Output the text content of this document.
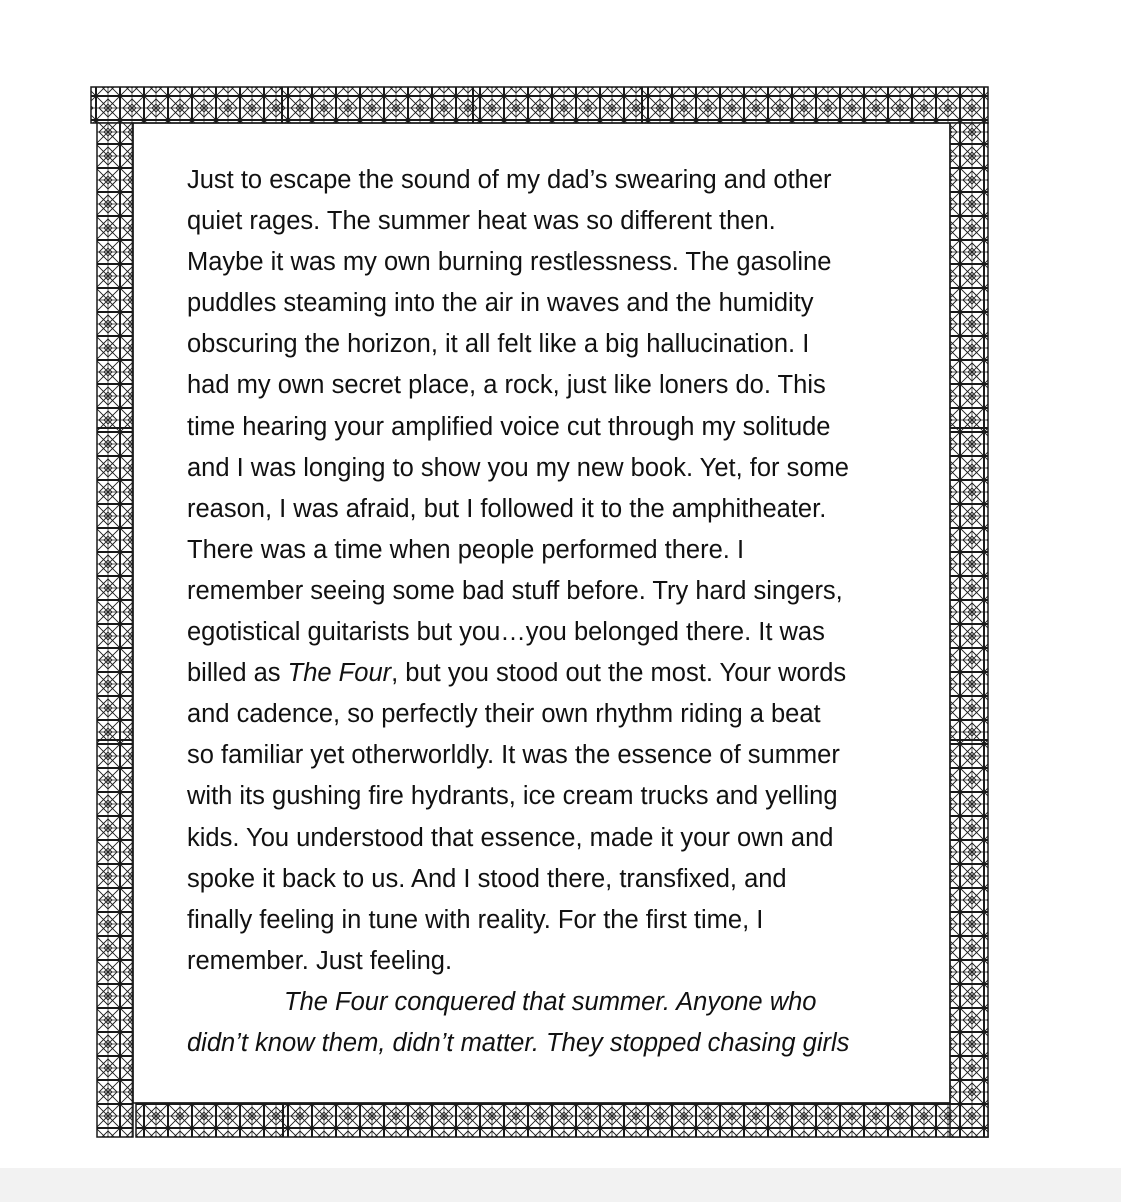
Just to escape the sound of my dad’s swearing and other
quiet rages. The summer heat was so different then.
Maybe it was my own burning restlessness. The gasoline
puddles steaming into the air in waves and the humidity
obscuring the horizon, it all felt like a big hallucination. I
had my own secret place, a rock, just like loners do. This
time hearing your amplified voice cut through my solitude
and I was longing to show you my new book. Yet, for some
reason, I was afraid, but I followed it to the amphitheater.
There was a time when people performed there. I
remember seeing some bad stuff before. Try hard singers,
egotistical guitarists but you…you belonged there. It was
billed as The Four, but you stood out the most. Your words
and cadence, so perfectly their own rhythm riding a beat
so familiar yet otherworldly. It was the essence of summer
with its gushing fire hydrants, ice cream trucks and yelling
kids. You understood that essence, made it your own and
spoke it back to us. And I stood there, transfixed, and
finally feeling in tune with reality. For the first time, I
remember. Just feeling.
The Four conquered that summer. Anyone who
didn’t know them, didn’t matter. They stopped chasing girls
